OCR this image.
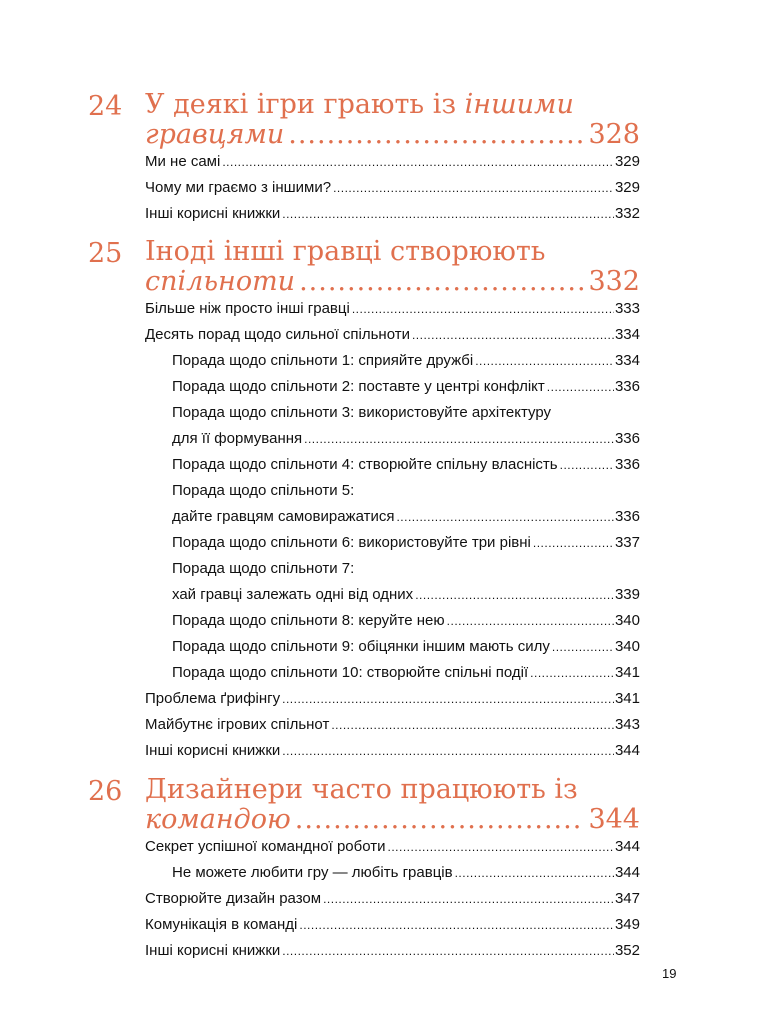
24 У деякі ігри грають із іншими
гравцями .....	328
Ми не самі .....	329
Чому ми граємо з іншими? .....	329
Інші корисні книжки .....	332
25 Іноді інші гравці створюють
спільноти .....	332
Більше ніж просто інші гравці .....	333
Десять порад щодо сильної спільноти .....	334
Порада щодо спільноти 1: сприяйте дружбі .....	334
Порада щодо спільноти 2: поставте у центрі конфлікт .....	336
Порада щодо спільноти 3: використовуйте архітектуру
для її формування .....	336
Порада щодо спільноти 4: створюйте спільну власність .....	336
Порада щодо спільноти 5:
дайте гравцям самовиражатися .....	336
Порада щодо спільноти 6: використовуйте три рівні .....	337
Порада щодо спільноти 7:
хай гравці залежать одні від одних .....	339
Порада щодо спільноти 8: керуйте нею .....	340
Порада щодо спільноти 9: обіцянки іншим мають силу .....	340
Порада щодо спільноти 10: створюйте спільні події .....	341
Проблема ґрифінгу .....	341
Майбутнє ігрових спільнот .....	343
Інші корисні книжки .....	344
26 Дизайнери часто працюють із
командою .....	344
Секрет успішної командної роботи .....	344
Не можете любити гру — любіть гравців .....	344
Створюйте дизайн разом .....	347
Комунікація в команді .....	349
Інші корисні книжки .....	352
19
